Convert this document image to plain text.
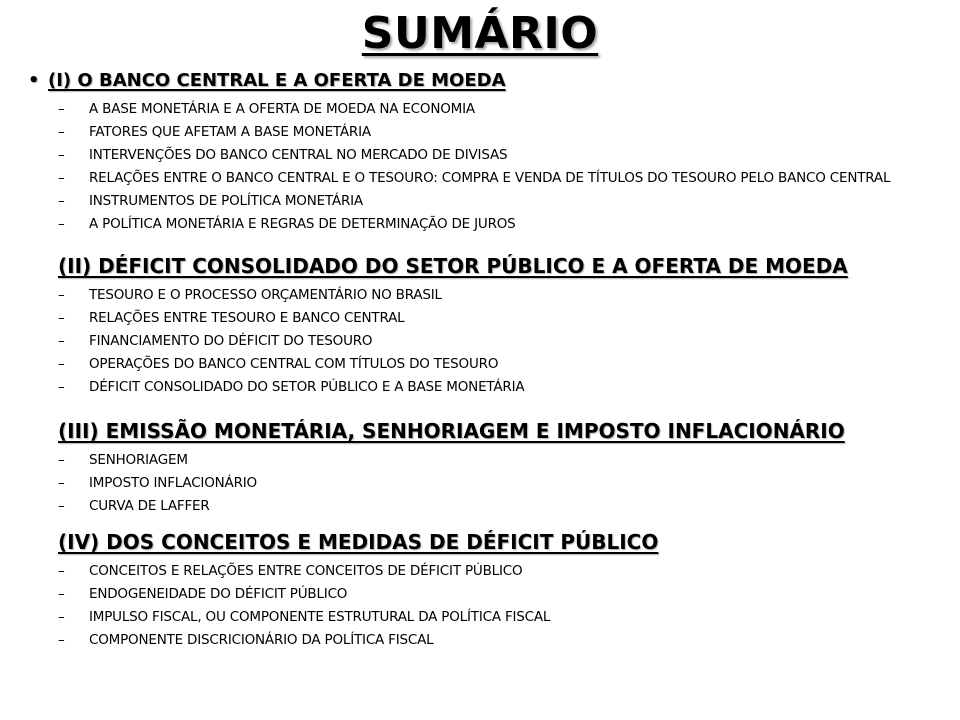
SUMÁRIO
• (I) O BANCO CENTRAL E A OFERTA DE MOEDA
– A BASE MONETÁRIA E A OFERTA DE MOEDA NA ECONOMIA
– FATORES QUE AFETAM A BASE MONETÁRIA
– INTERVENÇÕES DO BANCO CENTRAL NO MERCADO DE DIVISAS
– RELAÇÕES ENTRE O BANCO CENTRAL E O TESOURO: COMPRA E VENDA DE TÍTULOS DO TESOURO PELO BANCO CENTRAL
– INSTRUMENTOS DE POLÍTICA MONETÁRIA
– A POLÍTICA MONETÁRIA E REGRAS DE DETERMINAÇÃO DE JUROS
(II) DÉFICIT CONSOLIDADO DO SETOR PÚBLICO E A OFERTA DE MOEDA
– TESOURO E O PROCESSO ORÇAMENTÁRIO NO BRASIL
– RELAÇÕES ENTRE TESOURO E BANCO CENTRAL
– FINANCIAMENTO DO DÉFICIT DO TESOURO
– OPERAÇÕES DO BANCO CENTRAL COM TÍTULOS DO TESOURO
– DÉFICIT CONSOLIDADO DO SETOR PÚBLICO E A BASE MONETÁRIA
(III) EMISSÃO MONETÁRIA, SENHORIAGEM E IMPOSTO INFLACIONÁRIO
– SENHORIAGEM
– IMPOSTO INFLACIONÁRIO
– CURVA DE LAFFER
(IV) DOS CONCEITOS E MEDIDAS DE DÉFICIT PÚBLICO
– CONCEITOS E RELAÇÕES ENTRE CONCEITOS DE DÉFICIT PÚBLICO
– ENDOGENEIDADE DO DÉFICIT PÚBLICO
– IMPULSO FISCAL, OU COMPONENTE ESTRUTURAL DA POLÍTICA FISCAL
– COMPONENTE DISCRICIONÁRIO DA POLÍTICA FISCAL
